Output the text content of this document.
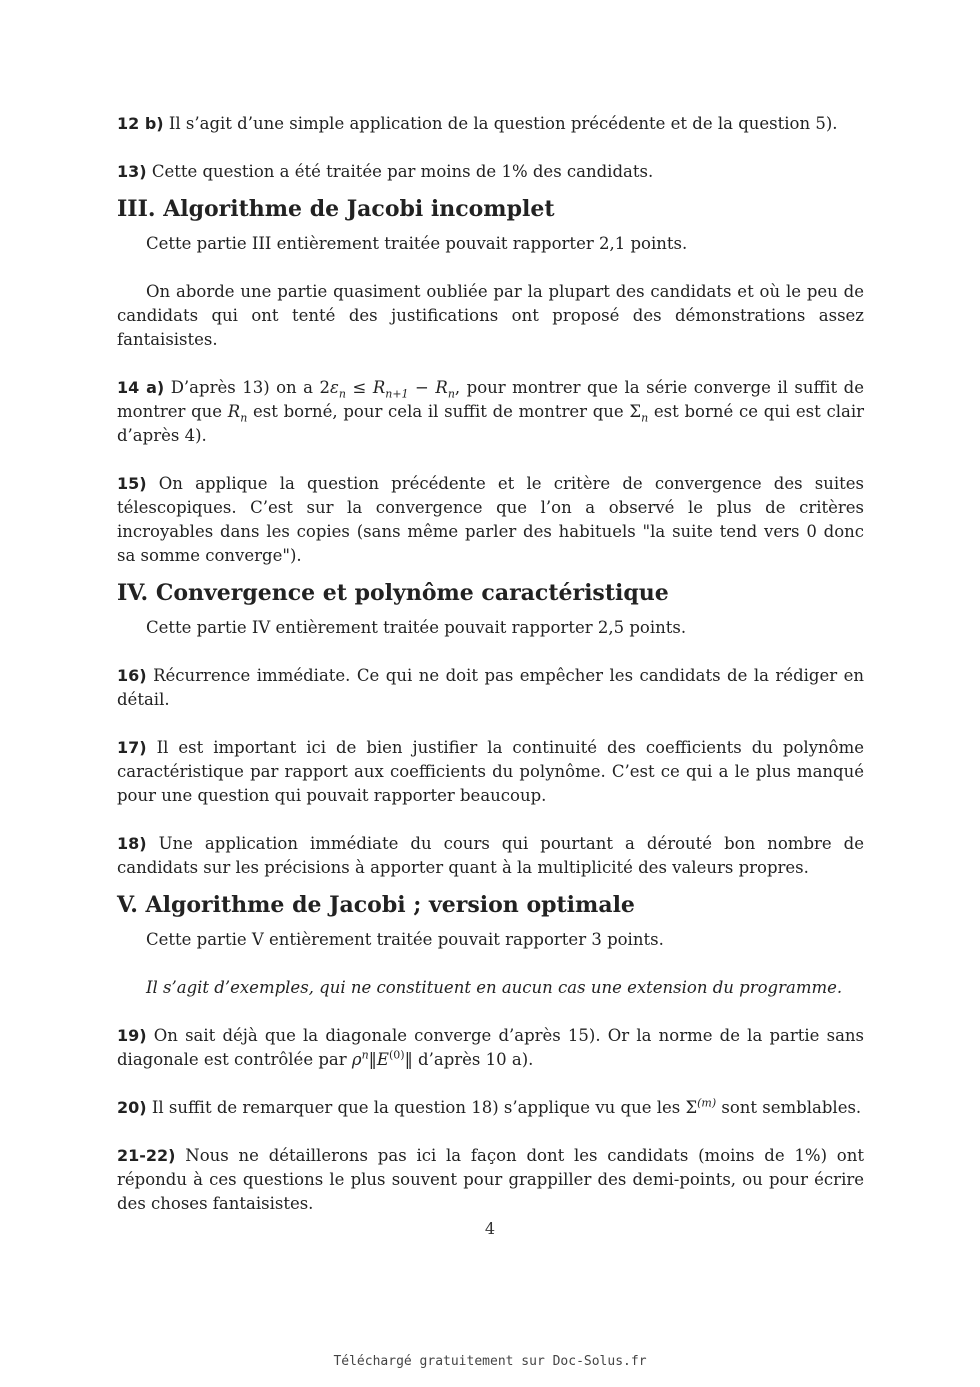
12 b) Il s’agit d’une simple application de la question précédente et de la question 5).

13) Cette question a été traitée par moins de 1% des candidats.

III. Algorithme de Jacobi incomplet

Cette partie III entièrement traitée pouvait rapporter 2,1 points.

On aborde une partie quasiment oubliée par la plupart des candidats et où le peu de candidats qui ont tenté des justifications ont proposé des démonstrations assez fantaisistes.

14 a) D’après 13) on a $2\varepsilon_n \le R_{n+1} - R_n$, pour montrer que la série converge il suffit de montrer que $R_n$ est borné, pour cela il suffit de montrer que $\Sigma_n$ est borné ce qui est clair d’après 4).

15) On applique la question précédente et le critère de convergence des suites télescopiques. C’est sur la convergence que l’on a observé le plus de critères incroyables dans les copies (sans même parler des habituels "la suite tend vers 0 donc sa somme converge").

IV. Convergence et polynôme caractéristique

Cette partie IV entièrement traitée pouvait rapporter 2,5 points.

16) Récurrence immédiate. Ce qui ne doit pas empêcher les candidats de la rédiger en détail.

17) Il est important ici de bien justifier la continuité des coefficients du polynôme caractéristique par rapport aux coefficients du polynôme. C’est ce qui a le plus manqué pour une question qui pouvait rapporter beaucoup.

18) Une application immédiate du cours qui pourtant a dérouté bon nombre de candidats sur les précisions à apporter quant à la multiplicité des valeurs propres.

V. Algorithme de Jacobi ; version optimale

Cette partie V entièrement traitée pouvait rapporter 3 points.

Il s’agit d’exemples, qui ne constituent en aucun cas une extension du programme.

19) On sait déjà que la diagonale converge d’après 15). Or la norme de la partie sans diagonale est contrôlée par $\rho^n‖E^{(0)}‖$ d’après 10 a).

20) Il suffit de remarquer que la question 18) s’applique vu que les $\Sigma^{(m)}$ sont semblables.

21-22) Nous ne détaillerons pas ici la façon dont les candidats (moins de 1%) ont répondu à ces questions le plus souvent pour grappiller des demi-points, ou pour écrire des choses fantaisistes.

4
Téléchargé gratuitement sur Doc-Solus.fr
